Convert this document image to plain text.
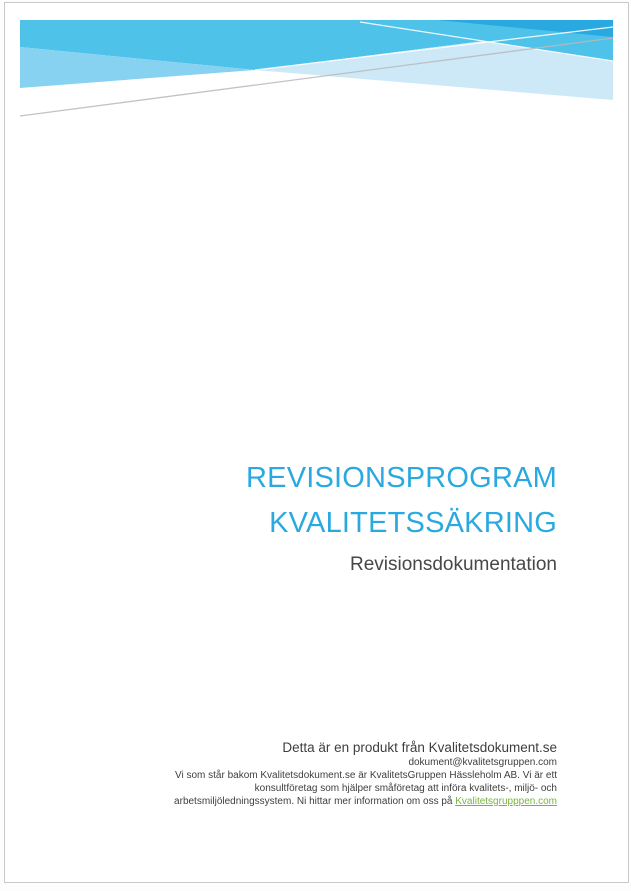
REVISIONSPROGRAM
KVALITETSSÄKRING
Revisionsdokumentation
Detta är en produkt från Kvalitetsdokument.se
dokument@kvalitetsgruppen.com
Vi som står bakom Kvalitetsdokument.se är KvalitetsGruppen Hässleholm AB. Vi är ett
konsultföretag som hjälper småföretag att införa kvalitets-, miljö- och
arbetsmiljöledningssystem. Ni hittar mer information om oss på Kvalitetsgrupppen.com
